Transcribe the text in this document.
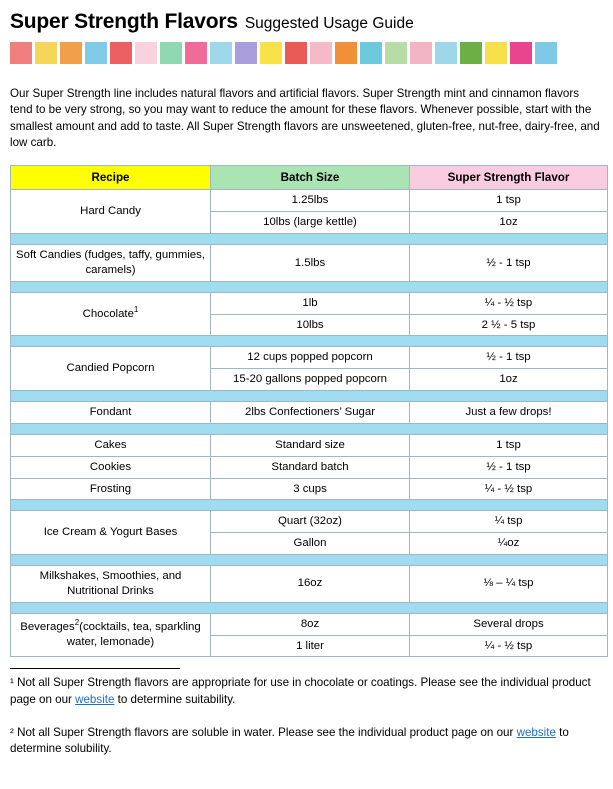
Super Strength Flavors Suggested Usage Guide

Our Super Strength line includes natural flavors and artificial flavors. Super Strength mint and cinnamon flavors tend to be very strong, so you may want to reduce the amount for these flavors. Whenever possible, start with the smallest amount and add to taste. All Super Strength flavors are unsweetened, gluten-free, nut-free, dairy-free, and low carb.

Recipe	Batch Size	Super Strength Flavor
Hard Candy	1.25lbs	1 tsp
	10lbs (large kettle)	1oz

Soft Candies (fudges, taffy, gummies, caramels)	1.5lbs	½ - 1 tsp

Chocolate$^1$	1lb	¼ - ½ tsp
	10lbs	2 ½ - 5 tsp

Candied Popcorn	12 cups popped popcorn	½ - 1 tsp
	15-20 gallons popped popcorn	1oz

Fondant	2lbs Confectioners’ Sugar	Just a few drops!

Cakes	Standard size	1 tsp
Cookies	Standard batch	½ - 1 tsp
Frosting	3 cups	¼ - ½ tsp

Ice Cream & Yogurt Bases	Quart (32oz)	¼ tsp
	Gallon	¼oz

Milkshakes, Smoothies, and Nutritional Drinks	16oz	⅛ – ¼ tsp

Beverages$^2$(cocktails, tea, sparkling water, lemonade)	8oz	Several drops
	1 liter	¼ - ½ tsp

¹ Not all Super Strength flavors are appropriate for use in chocolate or coatings. Please see the individual product page on our website to determine suitability.

² Not all Super Strength flavors are soluble in water. Please see the individual product page on our website to determine solubility.
